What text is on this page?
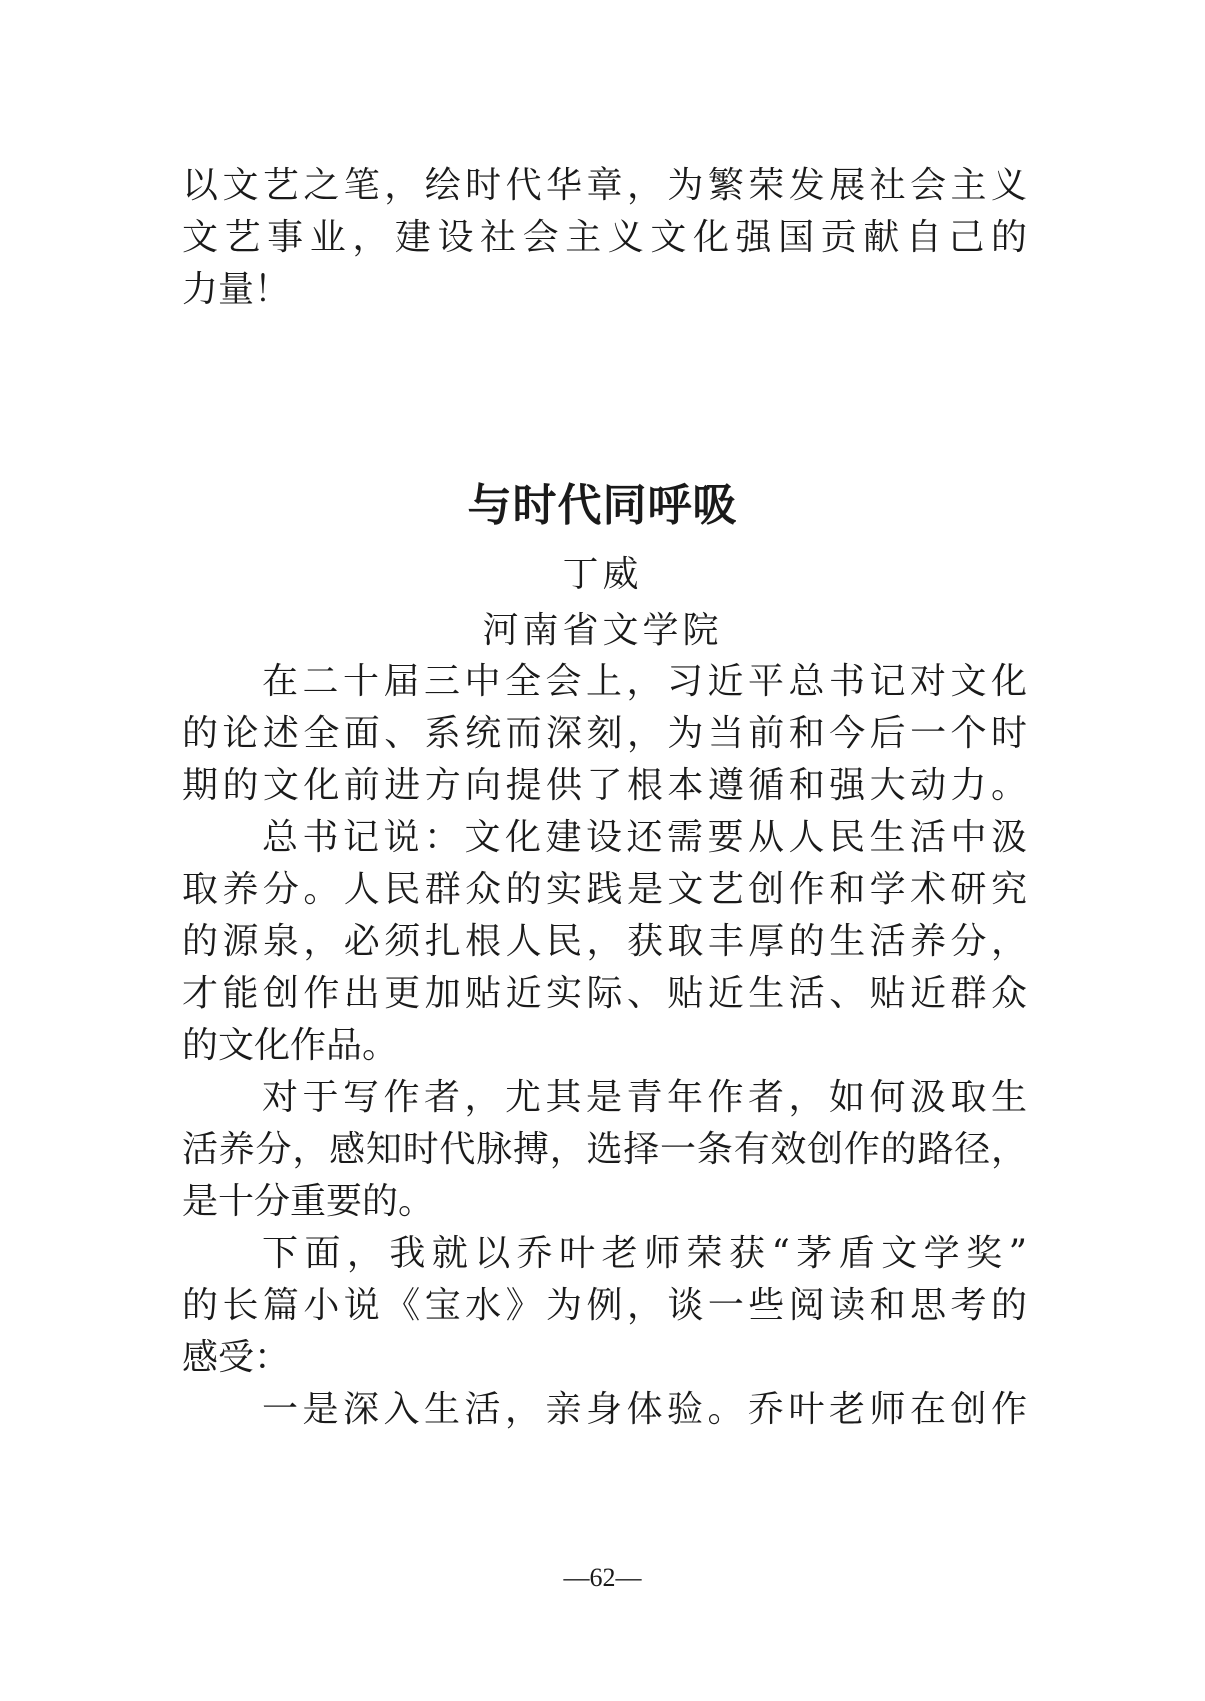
以文艺之笔，绘时代华章，为繁荣发展社会主义
文艺事业，建设社会主义文化强国贡献自己的
力量！
与时代同呼吸
丁威
河南省文学院
在二十届三中全会上，习近平总书记对文化
的论述全面、系统而深刻，为当前和今后一个时
期的文化前进方向提供了根本遵循和强大动力。
总书记说：文化建设还需要从人民生活中汲
取养分。人民群众的实践是文艺创作和学术研究
的源泉，必须扎根人民，获取丰厚的生活养分，
才能创作出更加贴近实际、贴近生活、贴近群众
的文化作品。
对于写作者，尤其是青年作者，如何汲取生
活养分，感知时代脉搏，选择一条有效创作的路径，
是十分重要的。
下面，我就以乔叶老师荣获“茅盾文学奖”
的长篇小说《宝水》为例，谈一些阅读和思考的
感受：
一是深入生活，亲身体验。乔叶老师在创作
—62—
